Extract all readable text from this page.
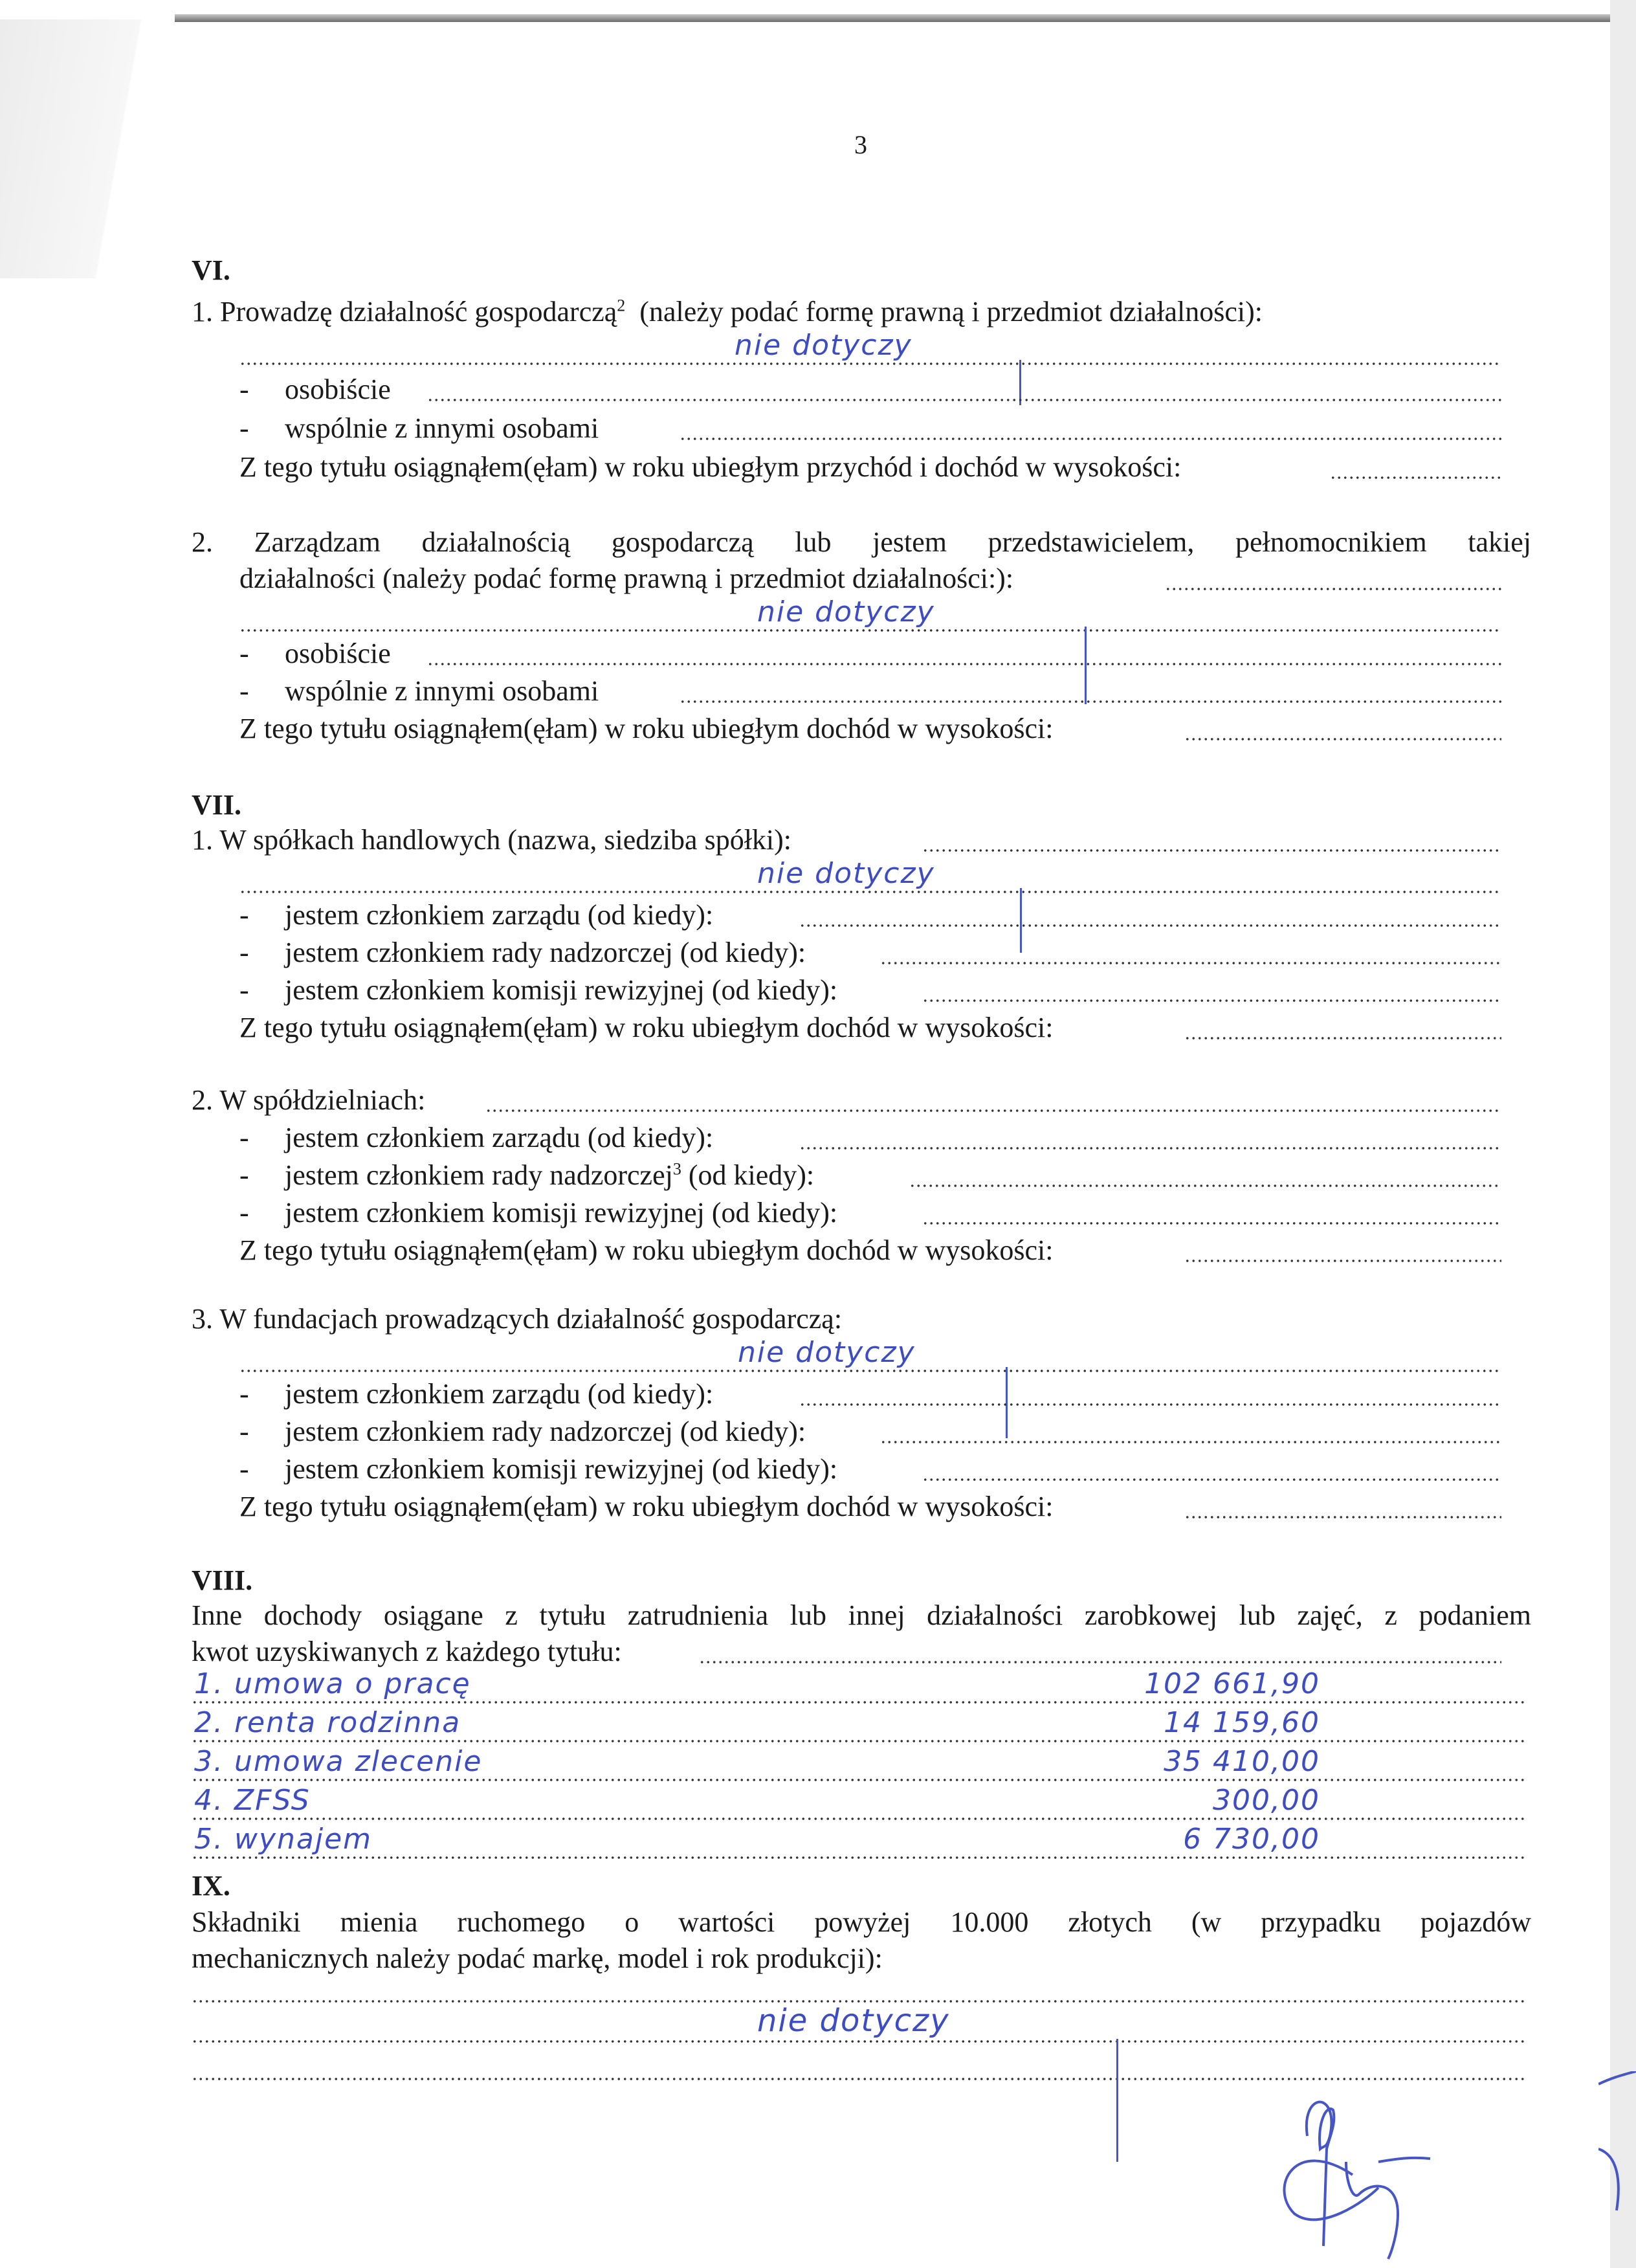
3
VI.
1. Prowadzę działalność gospodarczą$^2$ (należy podać formę prawną i przedmiot działalności):
nie dotyczy
- osobiście
- wspólnie z innymi osobami
Z tego tytułu osiągnąłem(ęłam) w roku ubiegłym przychód i dochód w wysokości:
2. Zarządzam działalnością gospodarczą lub jestem przedstawicielem, pełnomocnikiem takiej
działalności (należy podać formę prawną i przedmiot działalności:):
nie dotyczy
- osobiście
- wspólnie z innymi osobami
Z tego tytułu osiągnąłem(ęłam) w roku ubiegłym dochód w wysokości:
VII.
1. W spółkach handlowych (nazwa, siedziba spółki):
nie dotyczy
- jestem członkiem zarządu (od kiedy):
- jestem członkiem rady nadzorczej (od kiedy):
- jestem członkiem komisji rewizyjnej (od kiedy):
Z tego tytułu osiągnąłem(ęłam) w roku ubiegłym dochód w wysokości:
2. W spółdzielniach:
- jestem członkiem zarządu (od kiedy):
- jestem członkiem rady nadzorczej$^3$ (od kiedy):
- jestem członkiem komisji rewizyjnej (od kiedy):
Z tego tytułu osiągnąłem(ęłam) w roku ubiegłym dochód w wysokości:
3. W fundacjach prowadzących działalność gospodarczą:
nie dotyczy
- jestem członkiem zarządu (od kiedy):
- jestem członkiem rady nadzorczej (od kiedy):
- jestem członkiem komisji rewizyjnej (od kiedy):
Z tego tytułu osiągnąłem(ęłam) w roku ubiegłym dochód w wysokości:
VIII.
Inne dochody osiągane z tytułu zatrudnienia lub innej działalności zarobkowej lub zajęć, z podaniem
kwot uzyskiwanych z każdego tytułu:
1. umowa o pracę	102 661,90
2. renta rodzinna	14 159,60
3. umowa zlecenie	35 410,00
4. ZFSS	300,00
5. wynajem	6 730,00
IX.
Składniki mienia ruchomego o wartości powyżej 10.000 złotych (w przypadku pojazdów
mechanicznych należy podać markę, model i rok produkcji):
nie dotyczy
